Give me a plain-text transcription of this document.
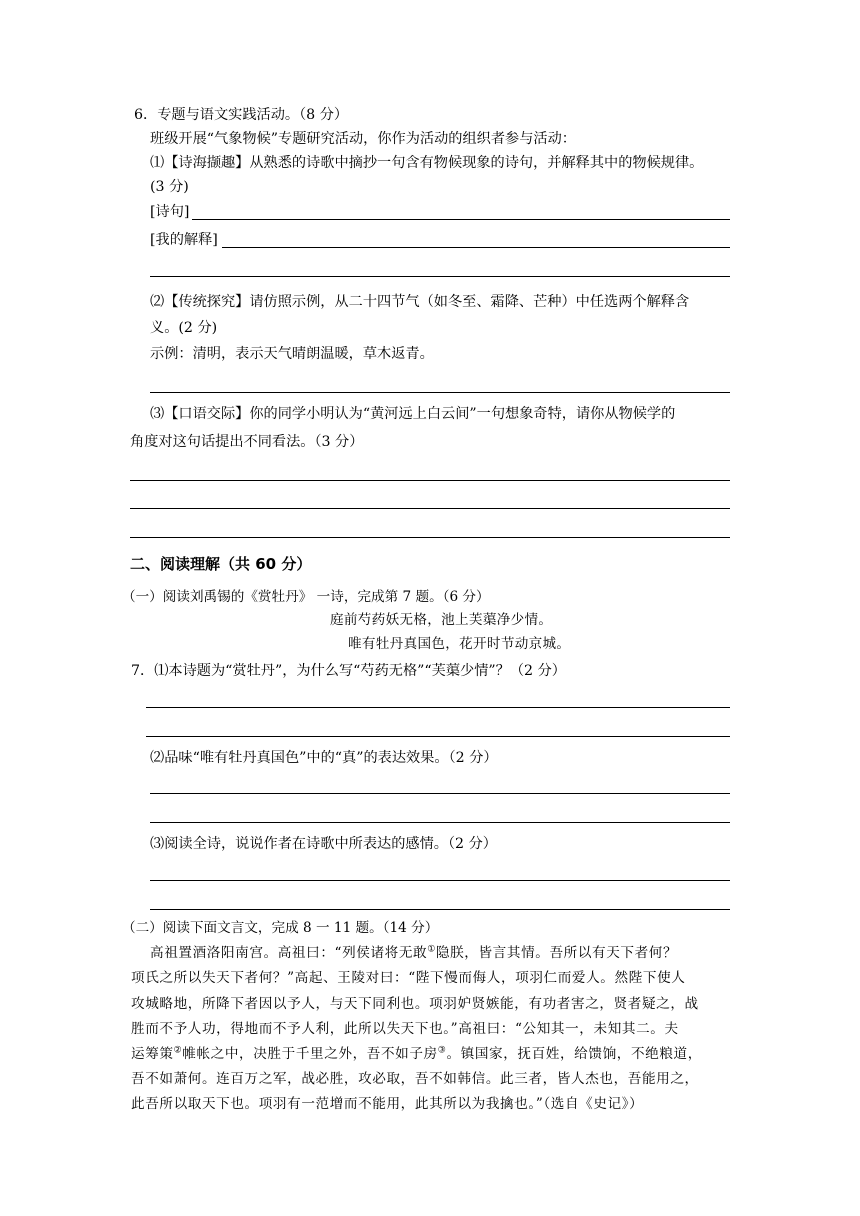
6．专题与语文实践活动。（8 分）
班级开展“气象物候”专题研究活动，你作为活动的组织者参与活动：
⑴【诗海撷趣】从熟悉的诗歌中摘抄一句含有物候现象的诗句，并解释其中的物候规律。
(3 分)
[诗句]
[我的解释]
⑵【传统探究】请仿照示例，从二十四节气（如冬至、霜降、芒种）中任选两个解释含
义。(2 分)
示例：清明，表示天气晴朗温暖，草木返青。
⑶【口语交际】你的同学小明认为“黄河远上白云间”一句想象奇特，请你从物候学的
角度对这句话提出不同看法。（3 分）
二、阅读理解（共 60 分）
（一）阅读刘禹锡的《赏牡丹》 一诗，完成第 7 题。（6 分）
庭前芍药妖无格，池上芙蕖净少情。
唯有牡丹真国色，花开时节动京城。
7．⑴本诗题为“赏牡丹”，为什么写“芍药无格”“芙蕖少情”？（2 分）
⑵品味“唯有牡丹真国色”中的“真”的表达效果。（2 分）
⑶阅读全诗，说说作者在诗歌中所表达的感情。（2 分）
（二）阅读下面文言文，完成 8 一 11 题。（14 分）
高祖置酒洛阳南宫。高祖曰：“列侯诸将无敢①隐朕，皆言其情。吾所以有天下者何？
项氏之所以失天下者何？”高起、王陵对曰：“陛下慢而侮人，项羽仁而爱人。然陛下使人
攻城略地，所降下者因以予人，与天下同利也。项羽妒贤嫉能，有功者害之，贤者疑之，战
胜而不予人功，得地而不予人利，此所以失天下也。”高祖曰：“公知其一，未知其二。夫
运筹策②帷帐之中，决胜于千里之外，吾不如子房③。镇国家，抚百姓，给馈饷，不绝粮道，
吾不如萧何。连百万之军，战必胜，攻必取，吾不如韩信。此三者，皆人杰也，吾能用之，
此吾所以取天下也。项羽有一范增而不能用，此其所以为我擒也。”（选自《史记》）
